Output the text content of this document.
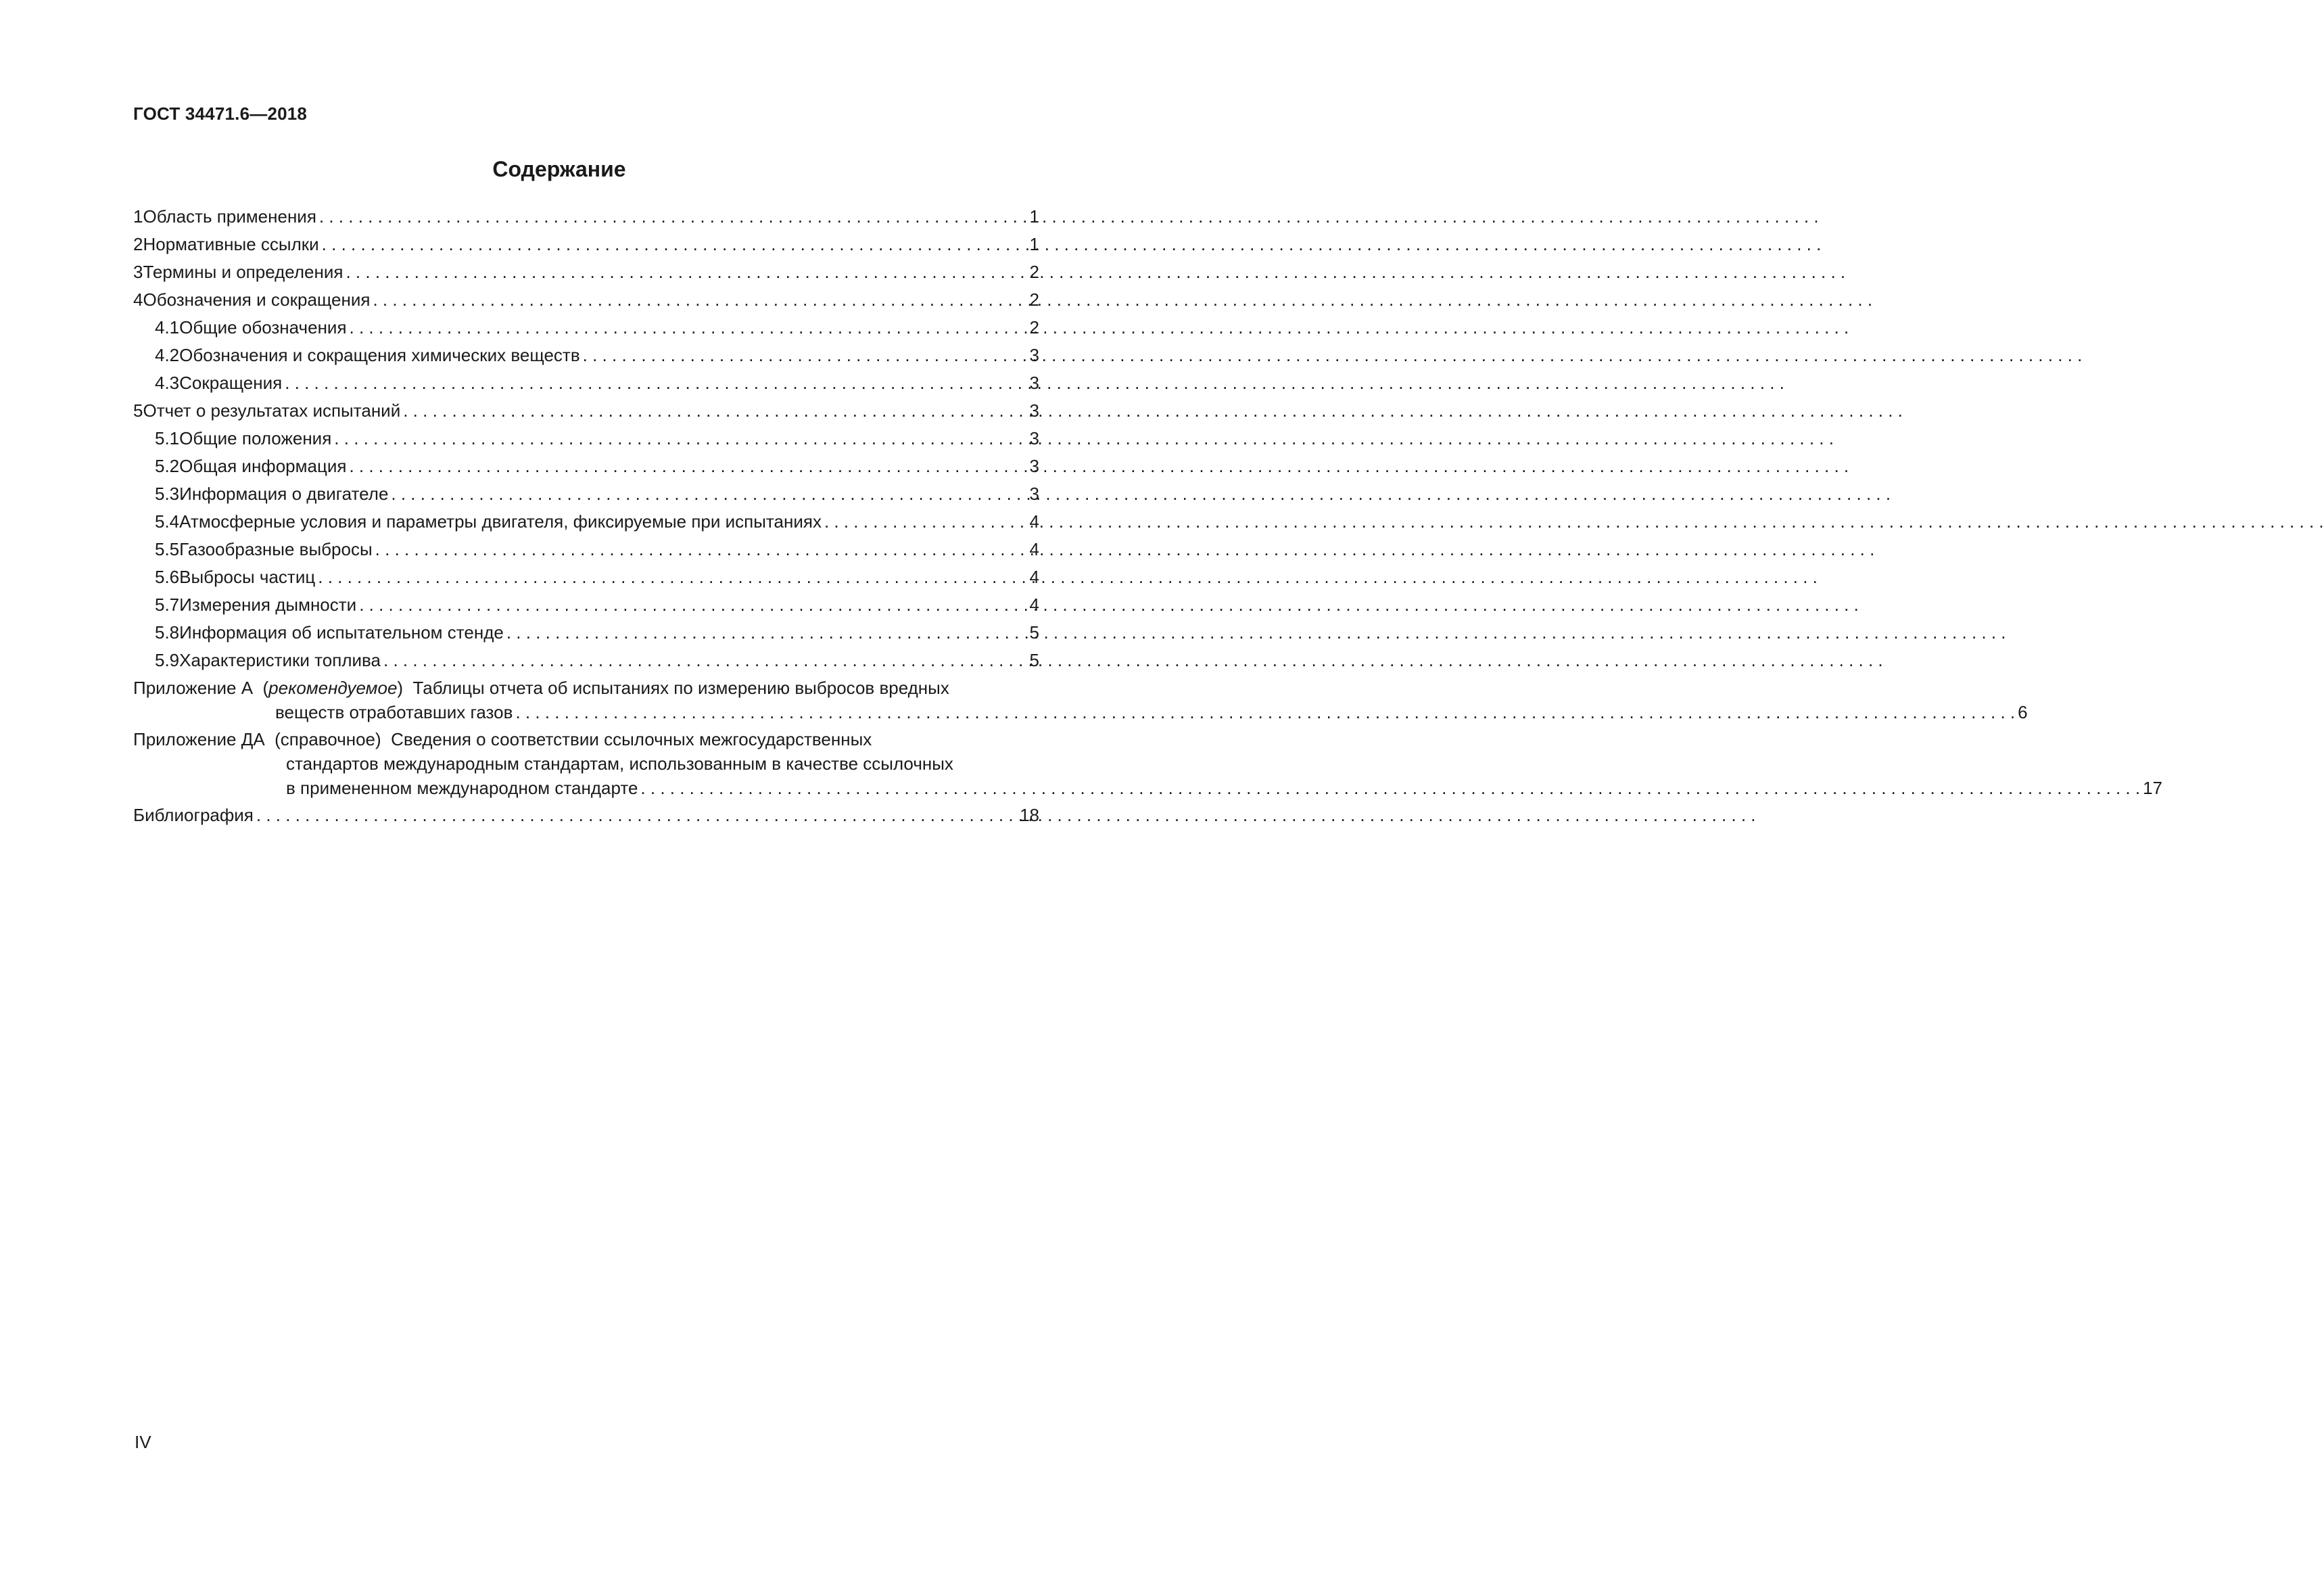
ГОСТ 34471.6—2018
Содержание
1 Область применения . . .	1
2 Нормативные ссылки . . .	1
3 Термины и определения . . .	2
4 Обозначения и сокращения . . .	2
4.1 Общие обозначения . . .	2
4.2 Обозначения и сокращения химических веществ . . .	3
4.3 Сокращения . . .	3
5 Отчет о результатах испытаний . . .	3
5.1 Общие положения . . .	3
5.2 Общая информация . . .	3
5.3 Информация о двигателе . . .	3
5.4 Атмосферные условия и параметры двигателя, фиксируемые при испытаниях . . .	4
5.5 Газообразные выбросы . . .	4
5.6 Выбросы частиц . . .	4
5.7 Измерения дымности . . .	4
5.8 Информация об испытательном стенде . . .	5
5.9 Характеристики топлива . . .	5
Приложение А  (рекомендуемое)  Таблицы отчета об испытаниях по измерению выбросов вредных
веществ отработавших газов . . .	6
Приложение ДА (справочное) Сведения о соответствии ссылочных межгосударственных
стандартов международным стандартам, использованным в качестве ссылочных
в примененном международном стандарте . . .	17
Библиография . . .	18
IV
